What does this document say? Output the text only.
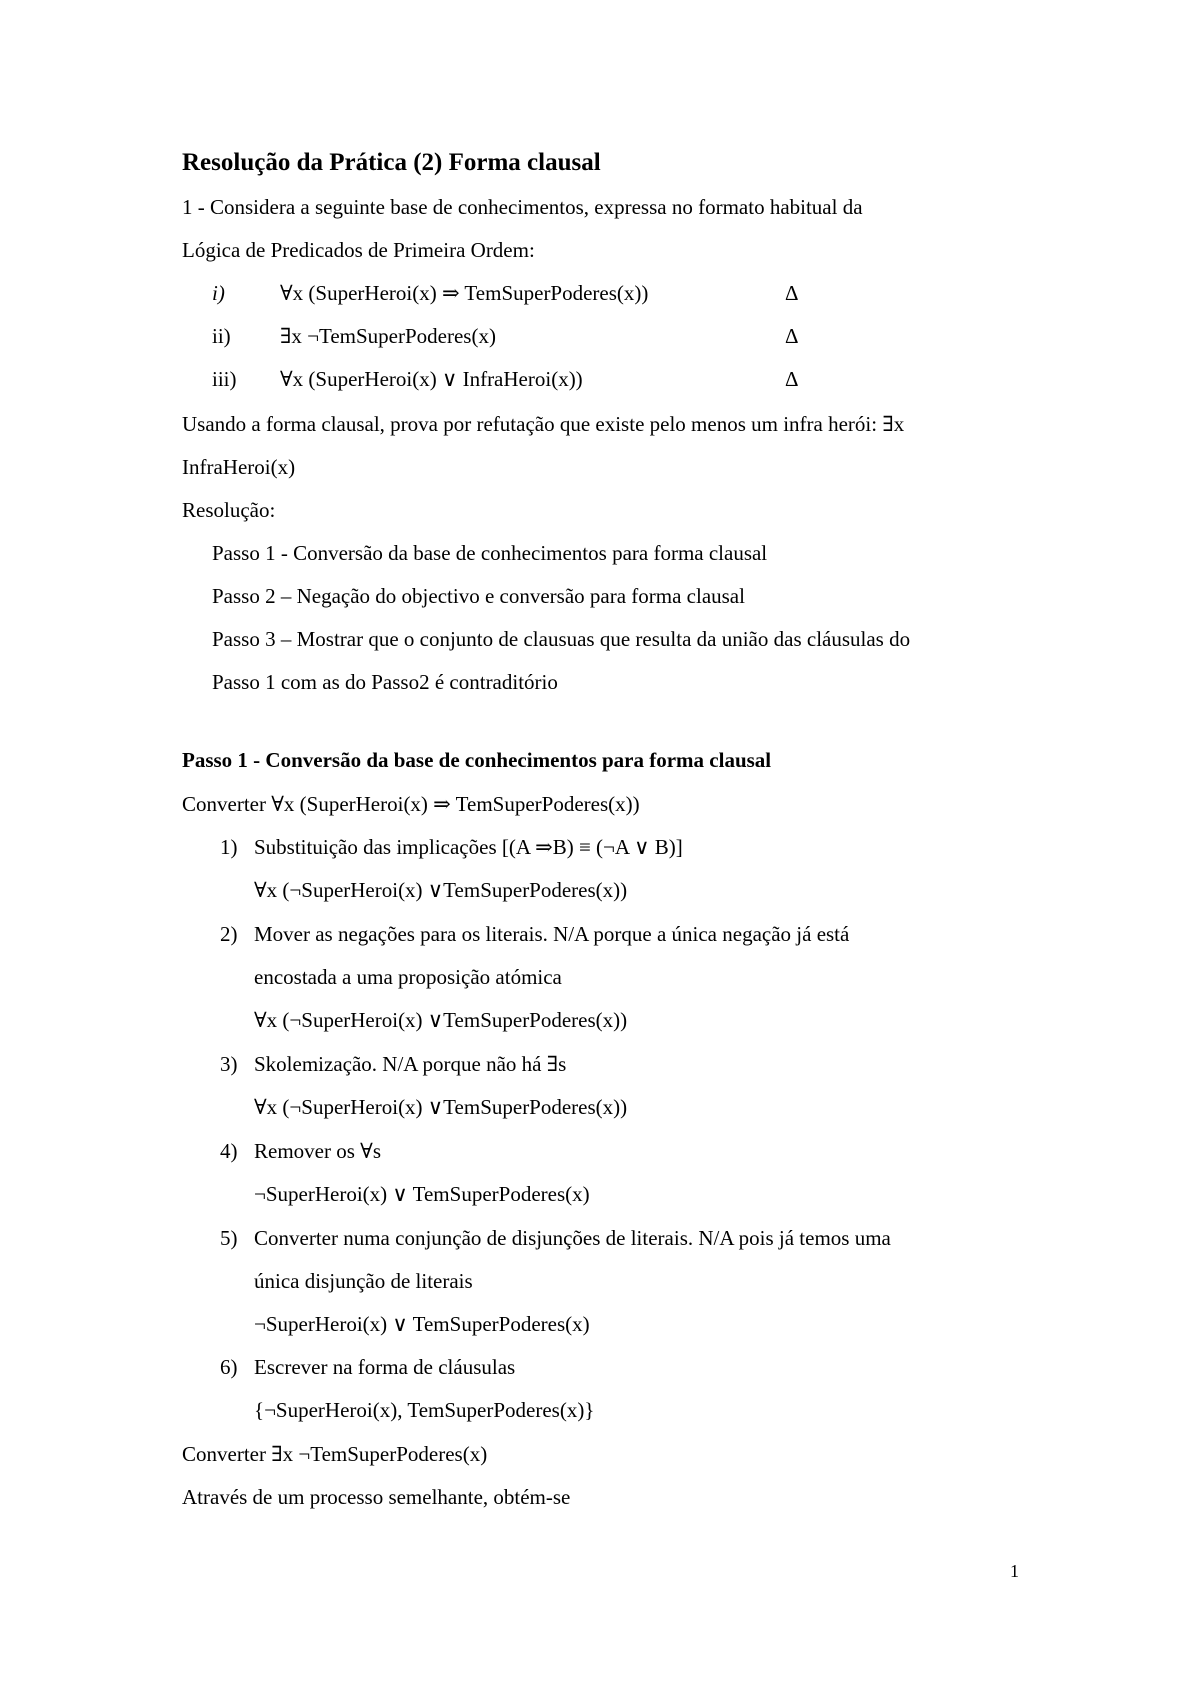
Resolução da Prática (2) Forma clausal
1 - Considera a seguinte base de conhecimentos, expressa no formato habitual da
Lógica de Predicados de Primeira Ordem:
i)	∀x (SuperHeroi(x) ⇒ TemSuperPoderes(x))	Δ
ii) ∃x ¬TemSuperPoderes(x)	Δ
iii) ∀x (SuperHeroi(x) ∨ InfraHeroi(x))	Δ
Usando a forma clausal, prova por refutação que existe pelo menos um infra herói: ∃x
InfraHeroi(x)
Resolução:
Passo 1 - Conversão da base de conhecimentos para forma clausal
Passo 2 – Negação do objectivo e conversão para forma clausal
Passo 3 – Mostrar que o conjunto de clausuas que resulta da união das cláusulas do
Passo 1 com as do Passo2 é contraditório
Passo 1 - Conversão da base de conhecimentos para forma clausal
Converter ∀x (SuperHeroi(x) ⇒ TemSuperPoderes(x))
1) Substituição das implicações [(A ⇒B) ≡ (¬A ∨ B)]
∀x (¬SuperHeroi(x) ∨TemSuperPoderes(x))
2) Mover as negações para os literais. N/A porque a única negação já está
encostada a uma proposição atómica
∀x (¬SuperHeroi(x) ∨TemSuperPoderes(x))
3) Skolemização. N/A porque não há ∃s
∀x (¬SuperHeroi(x) ∨TemSuperPoderes(x))
4) Remover os ∀s
¬SuperHeroi(x) ∨ TemSuperPoderes(x)
5) Converter numa conjunção de disjunções de literais. N/A pois já temos uma
única disjunção de literais
¬SuperHeroi(x) ∨ TemSuperPoderes(x)
6) Escrever na forma de cláusulas
{¬SuperHeroi(x), TemSuperPoderes(x)}
Converter ∃x ¬TemSuperPoderes(x)
Através de um processo semelhante, obtém-se
1
